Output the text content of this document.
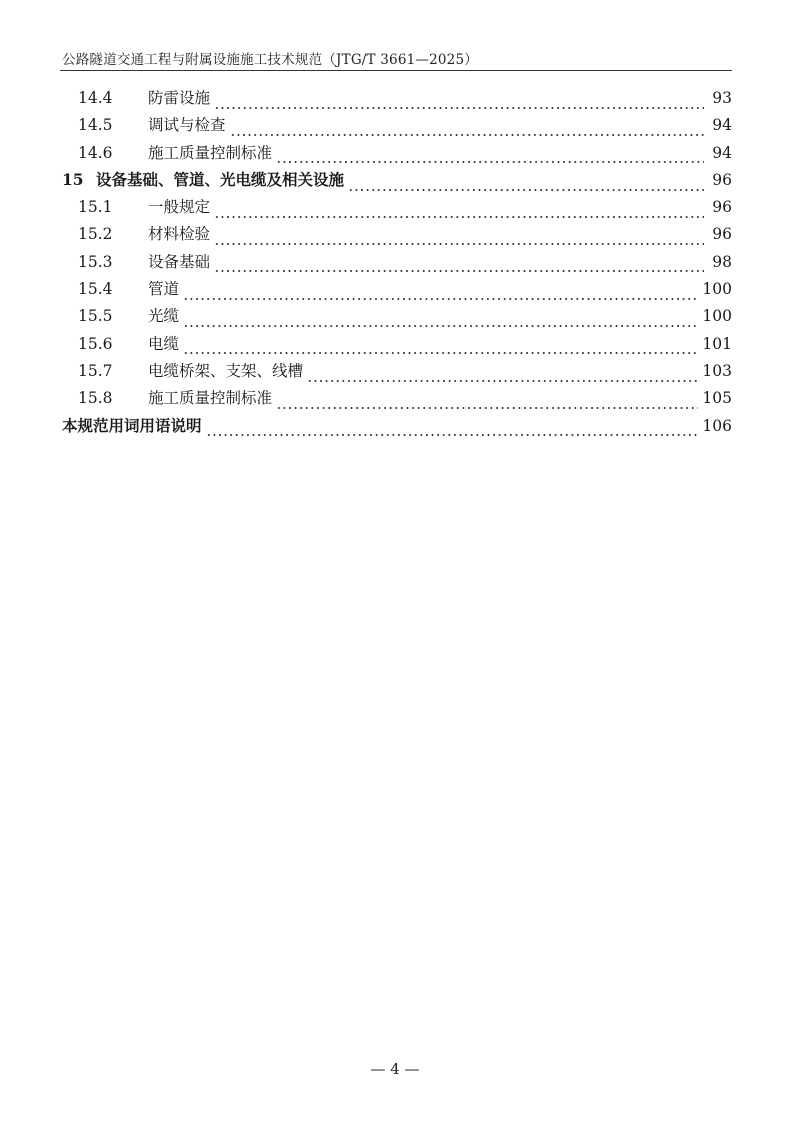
公路隧道交通工程与附属设施施工技术规范（JTG/T 3661—2025）
14.4	防雷设施	93
14.5	调试与检查	94
14.6	施工质量控制标准	94
15 设备基础、管道、光电缆及相关设施	96
15.1	一般规定	96
15.2	材料检验	96
15.3	设备基础	98
15.4	管道	100
15.5	光缆	100
15.6	电缆	101
15.7	电缆桥架、支架、线槽	103
15.8	施工质量控制标准	105
本规范用词用语说明	106
— 4 —
